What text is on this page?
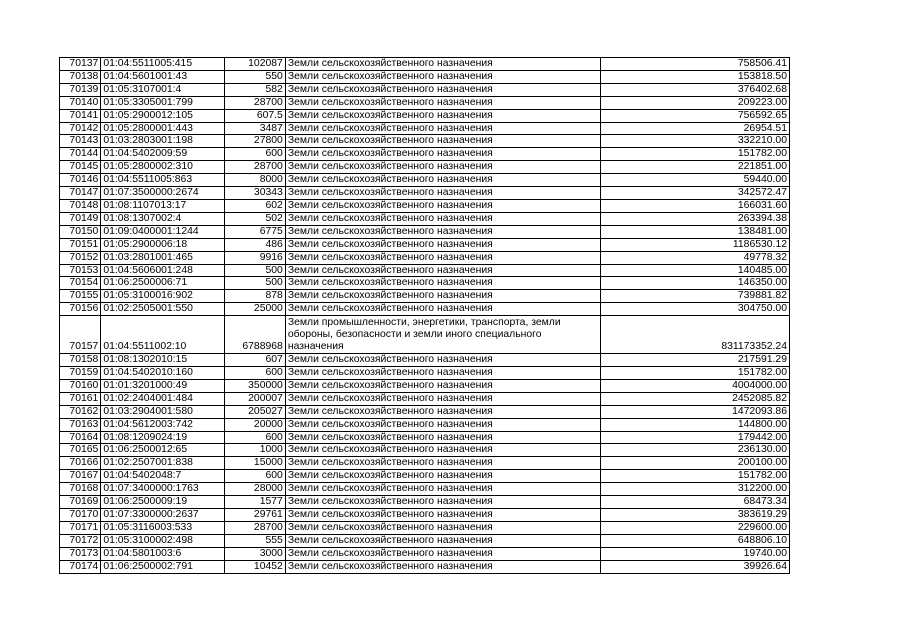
70137	01:04:5511005:415	102087	Земли сельскохозяйственного назначения	758506.41
70138	01:04:5601001:43	550	Земли сельскохозяйственного назначения	153818.50
70139	01:05:3107001:4	582	Земли сельскохозяйственного назначения	376402.68
70140	01:05:3305001:799	28700	Земли сельскохозяйственного назначения	209223.00
70141	01:05:2900012:105	607.5	Земли сельскохозяйственного назначения	756592.65
70142	01:05:2800001:443	3487	Земли сельскохозяйственного назначения	26954.51
70143	01:03:2803001:198	27800	Земли сельскохозяйственного назначения	332210.00
70144	01:04:5402009:59	600	Земли сельскохозяйственного назначения	151782.00
70145	01:05:2800002:310	28700	Земли сельскохозяйственного назначения	221851.00
70146	01:04:5511005:863	8000	Земли сельскохозяйственного назначения	59440.00
70147	01:07:3500000:2674	30343	Земли сельскохозяйственного назначения	342572.47
70148	01:08:1107013:17	602	Земли сельскохозяйственного назначения	166031.60
70149	01:08:1307002:4	502	Земли сельскохозяйственного назначения	263394.38
70150	01:09:0400001:1244	6775	Земли сельскохозяйственного назначения	138481.00
70151	01:05:2900006:18	486	Земли сельскохозяйственного назначения	1186530.12
70152	01:03:2801001:465	9916	Земли сельскохозяйственного назначения	49778.32
70153	01:04:5606001:248	500	Земли сельскохозяйственного назначения	140485.00
70154	01:06:2500006:71	500	Земли сельскохозяйственного назначения	146350.00
70155	01:05:3100016:902	878	Земли сельскохозяйственного назначения	739881.82
70156	01:02:2505001:550	25000	Земли сельскохозяйственного назначения	304750.00
70157	01:04:5511002:10	6788968	Земли промышленности, энергетики, транспорта, земли обороны, безопасности и земли иного специального назначения	831173352.24
70158	01:08:1302010:15	607	Земли сельскохозяйственного назначения	217591.29
70159	01:04:5402010:160	600	Земли сельскохозяйственного назначения	151782.00
70160	01:01:3201000:49	350000	Земли сельскохозяйственного назначения	4004000.00
70161	01:02:2404001:484	200007	Земли сельскохозяйственного назначения	2452085.82
70162	01:03:2904001:580	205027	Земли сельскохозяйственного назначения	1472093.86
70163	01:04:5612003:742	20000	Земли сельскохозяйственного назначения	144800.00
70164	01:08:1209024:19	600	Земли сельскохозяйственного назначения	179442.00
70165	01:06:2500012:65	1000	Земли сельскохозяйственного назначения	236130.00
70166	01:02:2507001:838	15000	Земли сельскохозяйственного назначения	200100.00
70167	01:04:5402048:7	600	Земли сельскохозяйственного назначения	151782.00
70168	01:07:3400000:1763	28000	Земли сельскохозяйственного назначения	312200.00
70169	01:06:2500009:19	1577	Земли сельскохозяйственного назначения	68473.34
70170	01:07:3300000:2637	29761	Земли сельскохозяйственного назначения	383619.29
70171	01:05:3116003:533	28700	Земли сельскохозяйственного назначения	229600.00
70172	01:05:3100002:498	555	Земли сельскохозяйственного назначения	648806.10
70173	01:04:5801003:6	3000	Земли сельскохозяйственного назначения	19740.00
70174	01:06:2500002:791	10452	Земли сельскохозяйственного назначения	39926.64
